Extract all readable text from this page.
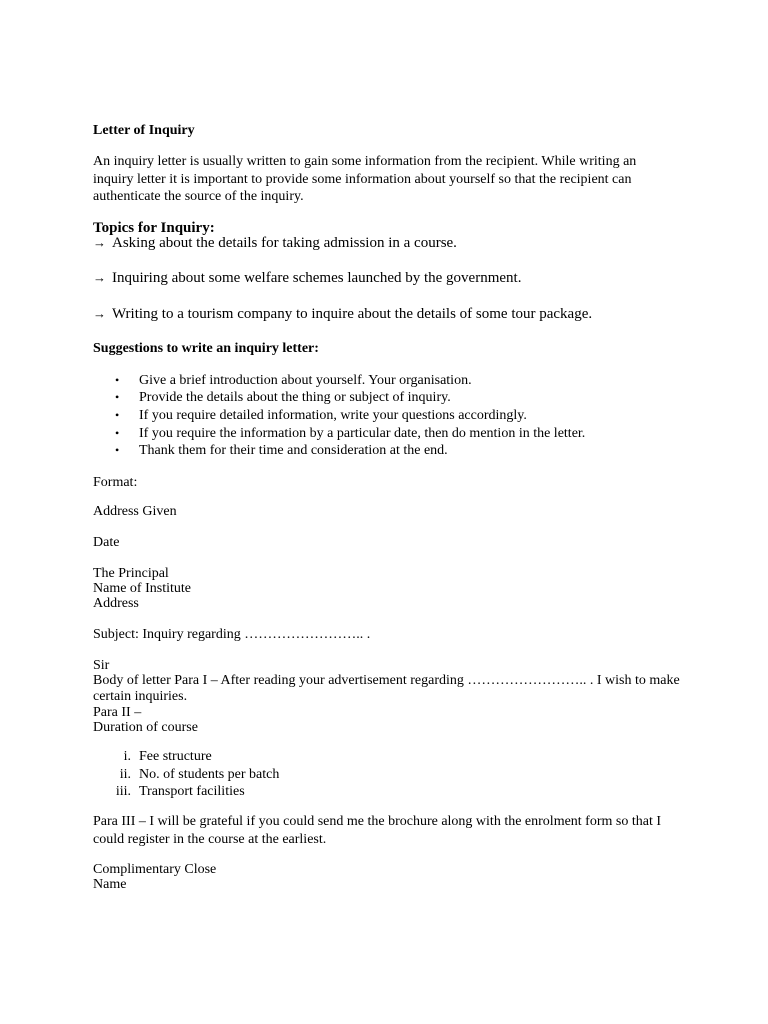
Letter of Inquiry
An inquiry letter is usually written to gain some information from the recipient. While writing an inquiry letter it is important to provide some information about yourself so that the recipient can authenticate the source of the inquiry.
Topics for Inquiry:
→ Asking about the details for taking admission in a course.
→ Inquiring about some welfare schemes launched by the government.
→ Writing to a tourism company to inquire about the details of some tour package.
Suggestions to write an inquiry letter:
• Give a brief introduction about yourself. Your organisation.
• Provide the details about the thing or subject of inquiry.
• If you require detailed information, write your questions accordingly.
• If you require the information by a particular date, then do mention in the letter.
• Thank them for their time and consideration at the end.
Format:
Address Given
Date
The Principal
Name of Institute
Address
Subject: Inquiry regarding …………………….. .
Sir
Body of letter Para I – After reading your advertisement regarding …………………….. . I wish to make certain inquiries.
Para II –
Duration of course
i. Fee structure
ii. No. of students per batch
iii. Transport facilities
Para III – I will be grateful if you could send me the brochure along with the enrolment form so that I could register in the course at the earliest.
Complimentary Close
Name
